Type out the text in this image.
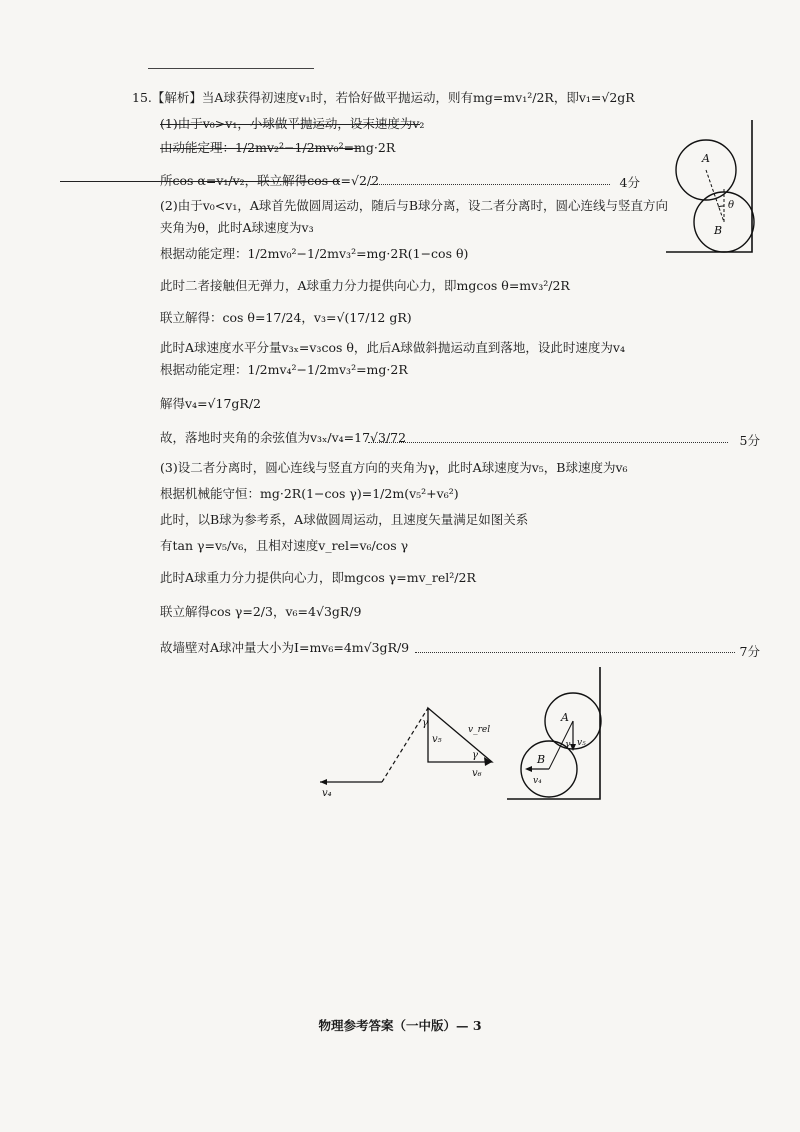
15.【解析】当A球获得初速度v₁时，若恰好做平抛运动，则有mg=mv₁²/2R，即v₁=√2gR
(1)由于v₀>v₁，小球做平抛运动，设末速度为v₂
由动能定理：1/2mv₂²−1/2mv₀²=mg·2R
所cos α=v₁/v₂，联立解得cos α=√2/2	4分
(2)由于v₀<v₁，A球首先做圆周运动，随后与B球分离，设二者分离时，圆心连线与竖直方向
夹角为θ，此时A球速度为v₃
根据动能定理：1/2mv₀²−1/2mv₃²=mg·2R(1−cos θ)
此时二者接触但无弹力，A球重力分力提供向心力，即mgcos θ=mv₃²/2R
联立解得：cos θ=17/24，v₃=√(17/12 gR)
此时A球速度水平分量v₃ₓ=v₃cos θ，此后A球做斜抛运动直到落地，设此时速度为v₄
根据动能定理：1/2mv₄²−1/2mv₃²=mg·2R
解得v₄=√17gR/2
故，落地时夹角的余弦值为v₃ₓ/v₄=17√3/72	5分
(3)设二者分离时，圆心连线与竖直方向的夹角为γ，此时A球速度为v₅，B球速度为v₆
根据机械能守恒：mg·2R(1−cos γ)=1/2m(v₅²+v₆²)
此时，以B球为参考系，A球做圆周运动，且速度矢量满足如图关系
有tan γ=v₅/v₆，且相对速度v_rel=v₆/cos γ
此时A球重力分力提供向心力，即mgcos γ=mv_rel²/2R
联立解得cos γ=2/3，v₆=4√3gR/9
故墙壁对A球冲量大小为I=mv₆=4m√3gR/9	7分
A
B
θ
γ
v₅
v_rel
γ
v₆
v₄
A
B
γ v₅
v₄
物理参考答案（一中版）— 3
